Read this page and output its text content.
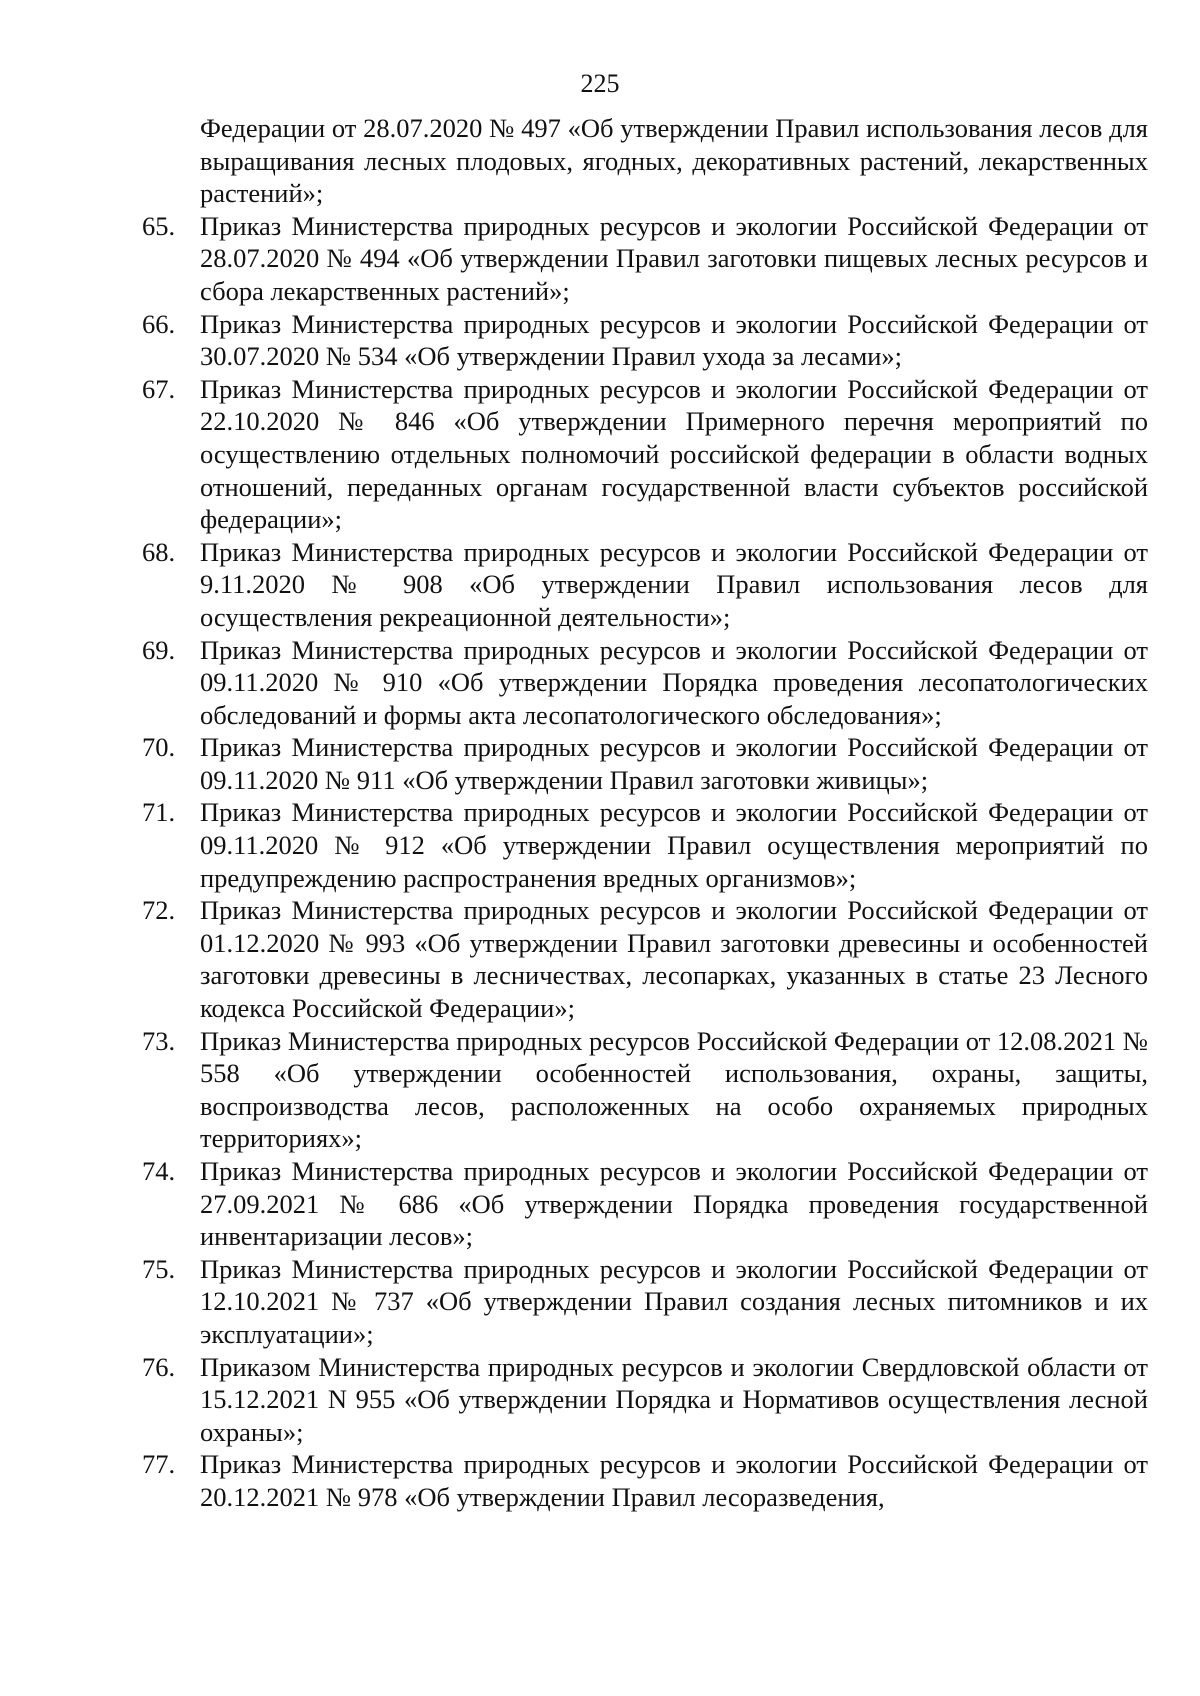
225
Федерации от 28.07.2020 № 497 «Об утверждении Правил использования лесов для выращивания лесных плодовых, ягодных, декоративных растений, лекарственных растений»;
65. Приказ Министерства природных ресурсов и экологии Российской Федерации от 28.07.2020 № 494 «Об утверждении Правил заготовки пищевых лесных ресурсов и сбора лекарственных растений»;
66. Приказ Министерства природных ресурсов и экологии Российской Федерации от 30.07.2020 № 534 «Об утверждении Правил ухода за лесами»;
67. Приказ Министерства природных ресурсов и экологии Российской Федерации от 22.10.2020 № 846 «Об утверждении Примерного перечня мероприятий по осуществлению отдельных полномочий российской федерации в области водных отношений, переданных органам государственной власти субъектов российской федерации»;
68. Приказ Министерства природных ресурсов и экологии Российской Федерации от 9.11.2020 № 908 «Об утверждении Правил использования лесов для осуществления рекреационной деятельности»;
69. Приказ Министерства природных ресурсов и экологии Российской Федерации от 09.11.2020 № 910 «Об утверждении Порядка проведения лесопатологических обследований и формы акта лесопатологического обследования»;
70. Приказ Министерства природных ресурсов и экологии Российской Федерации от 09.11.2020 № 911 «Об утверждении Правил заготовки живицы»;
71. Приказ Министерства природных ресурсов и экологии Российской Федерации от 09.11.2020 № 912 «Об утверждении Правил осуществления мероприятий по предупреждению распространения вредных организмов»;
72. Приказ Министерства природных ресурсов и экологии Российской Федерации от 01.12.2020 № 993 «Об утверждении Правил заготовки древесины и особенностей заготовки древесины в лесничествах, лесопарках, указанных в статье 23 Лесного кодекса Российской Федерации»;
73. Приказ Министерства природных ресурсов Российской Федерации от 12.08.2021 № 558 «Об утверждении особенностей использования, охраны, защиты, воспроизводства лесов, расположенных на особо охраняемых природных территориях»;
74. Приказ Министерства природных ресурсов и экологии Российской Федерации от 27.09.2021 № 686 «Об утверждении Порядка проведения государственной инвентаризации лесов»;
75. Приказ Министерства природных ресурсов и экологии Российской Федерации от 12.10.2021 № 737 «Об утверждении Правил создания лесных питомников и их эксплуатации»;
76. Приказом Министерства природных ресурсов и экологии Свердловской области от 15.12.2021 N 955 «Об утверждении Порядка и Нормативов осуществления лесной охраны»;
77. Приказ Министерства природных ресурсов и экологии Российской Федерации от 20.12.2021 № 978 «Об утверждении Правил лесоразведения,
